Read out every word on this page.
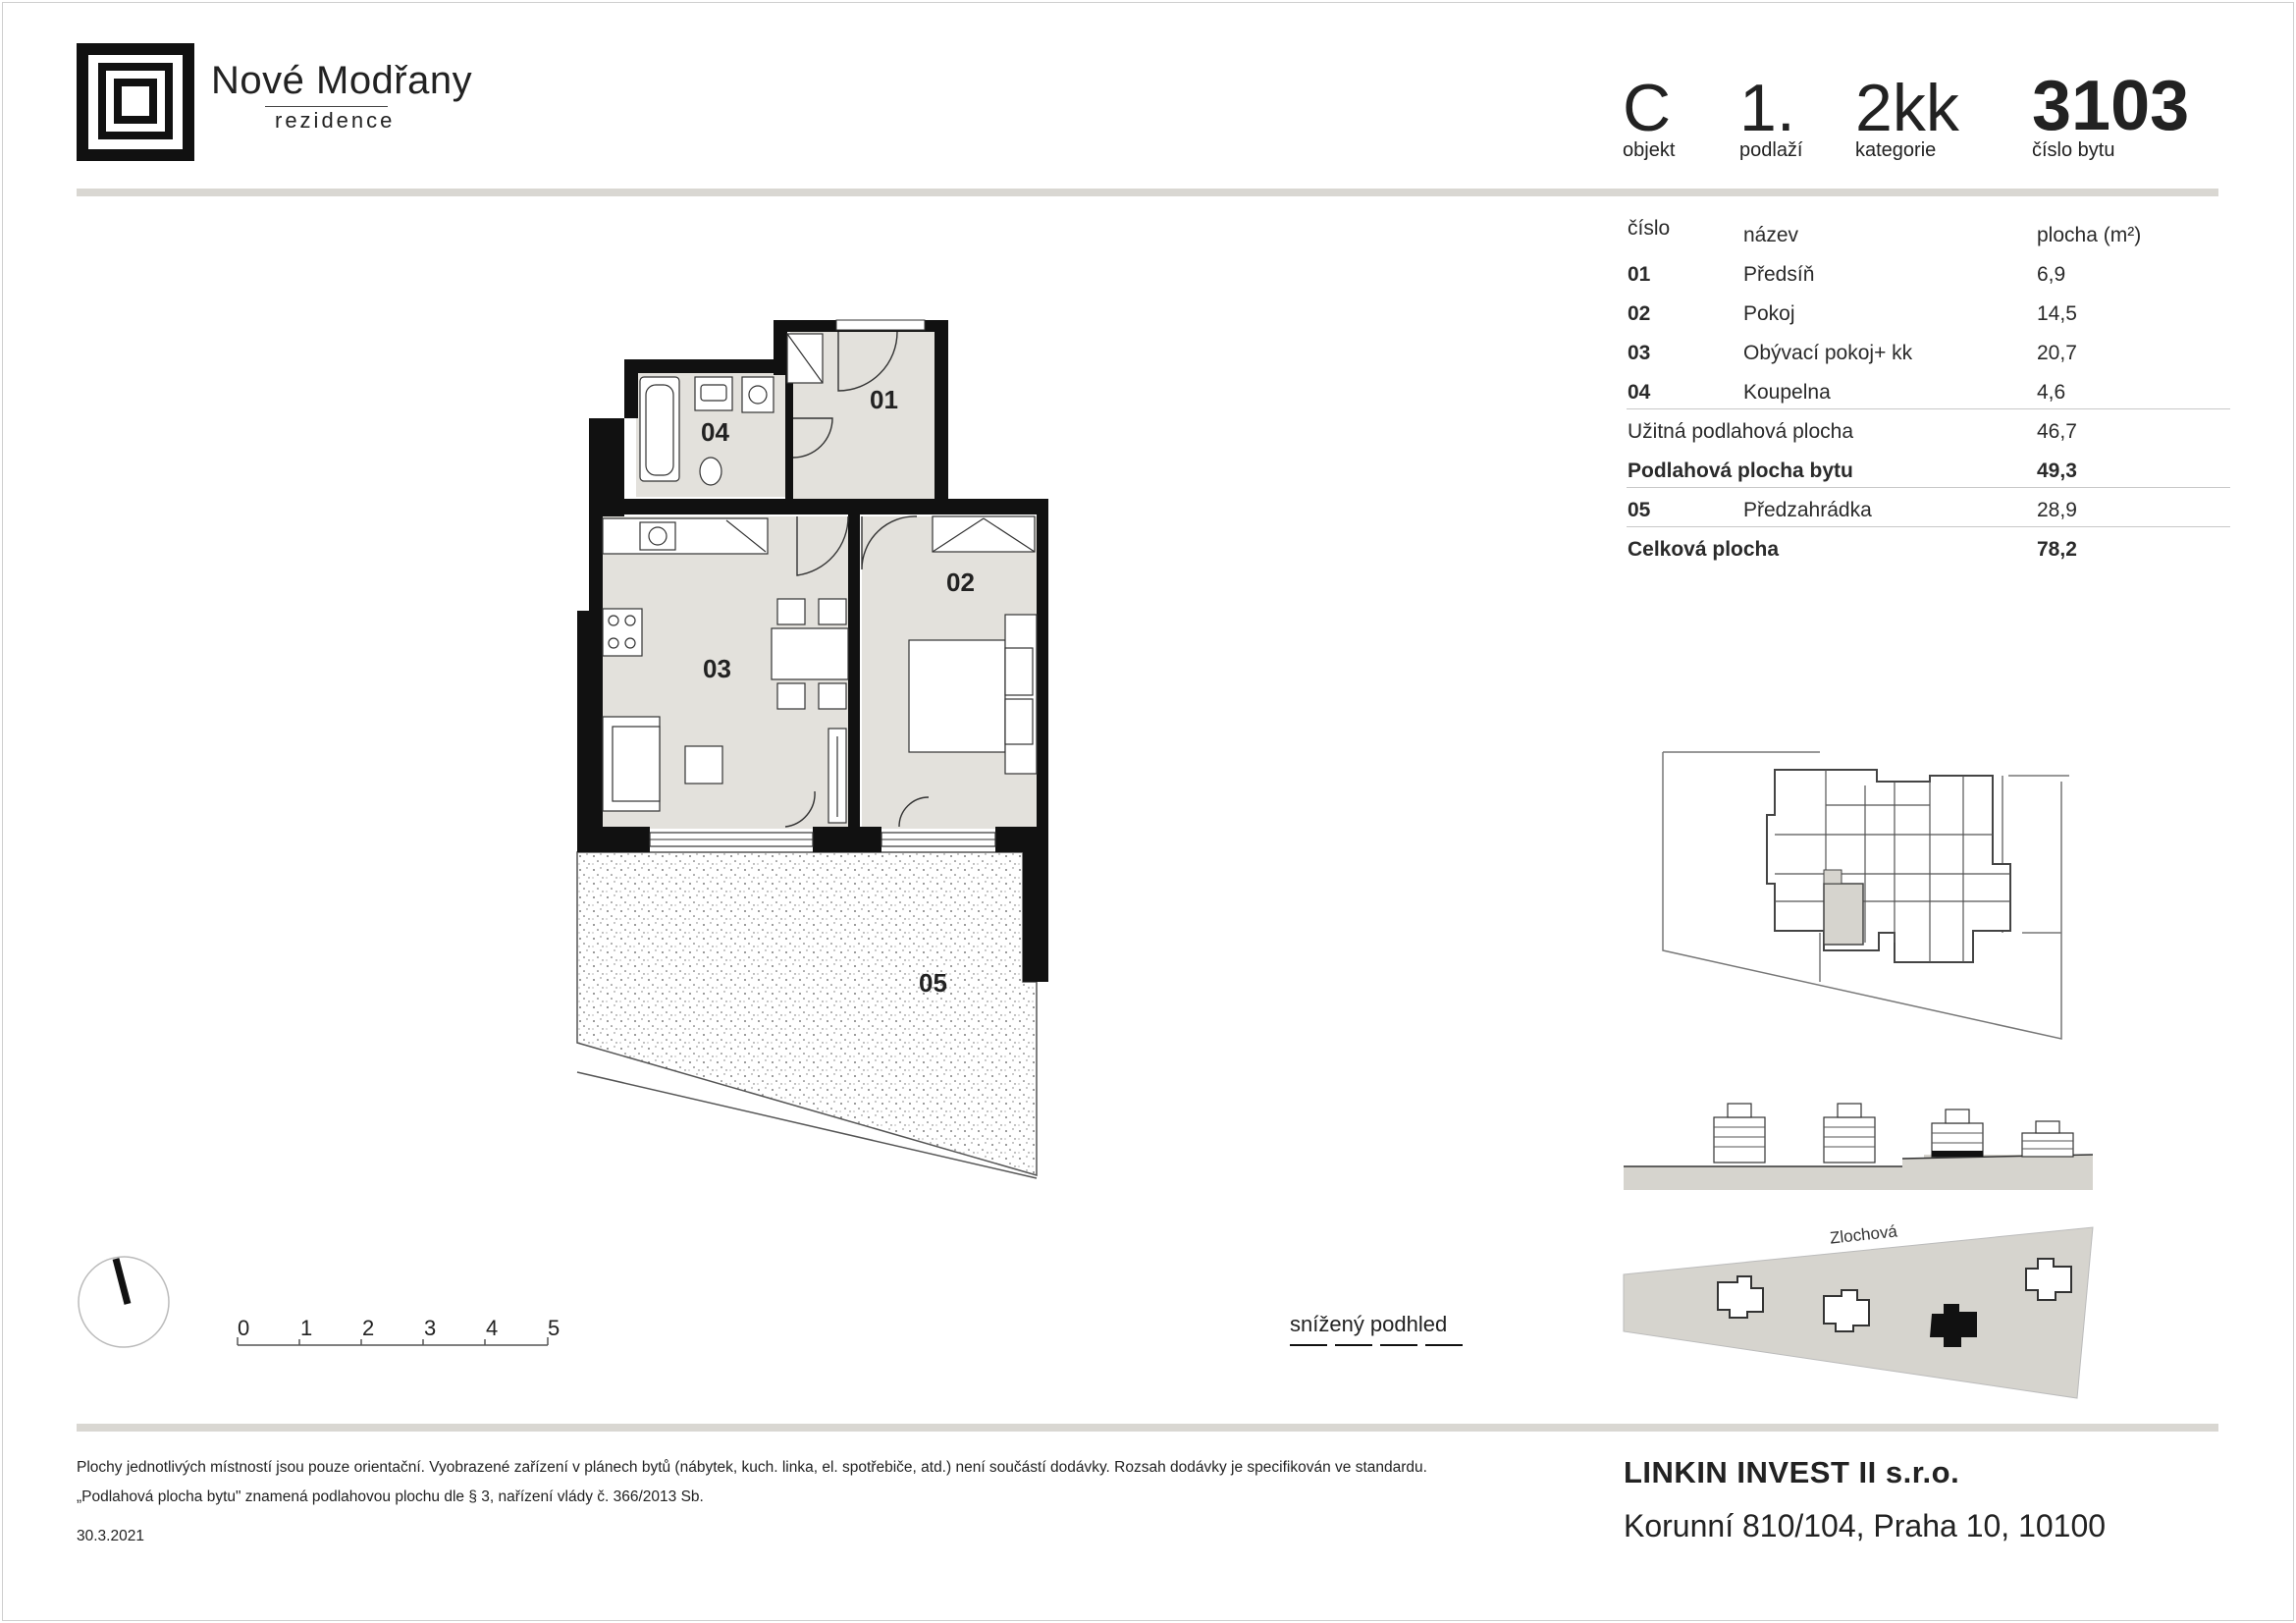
Nové Modřany
rezidence	C
objekt
1.
podlaží
2kk
kategorie
3103
číslo bytu
číslo	název	plocha (m²)
01	Předsíň	6,9
02	Pokoj	14,5
03	Obývací pokoj+ kk	20,7
04	Koupelna	4,6
Užitná podlahová plocha	46,7
Podlahová plocha bytu	49,3
05	Předzahrádka	28,9
Celková plocha	78,2
01
02
03
04
05
0 1 2 3 4 5	snížený podhled
Zlochová
Plochy jednotlivých místností jsou pouze orientační. Vyobrazené zařízení v plánech bytů (nábytek, kuch. linka, el. spotřebiče, atd.) není součástí dodávky. Rozsah dodávky je specifikován ve standardu.
„Podlahová plocha bytu" znamená podlahovou plochu dle § 3, nařízení vlády č. 366/2013 Sb.
30.3.2021
LINKIN INVEST II s.r.o.
Korunní 810/104, Praha 10, 10100
